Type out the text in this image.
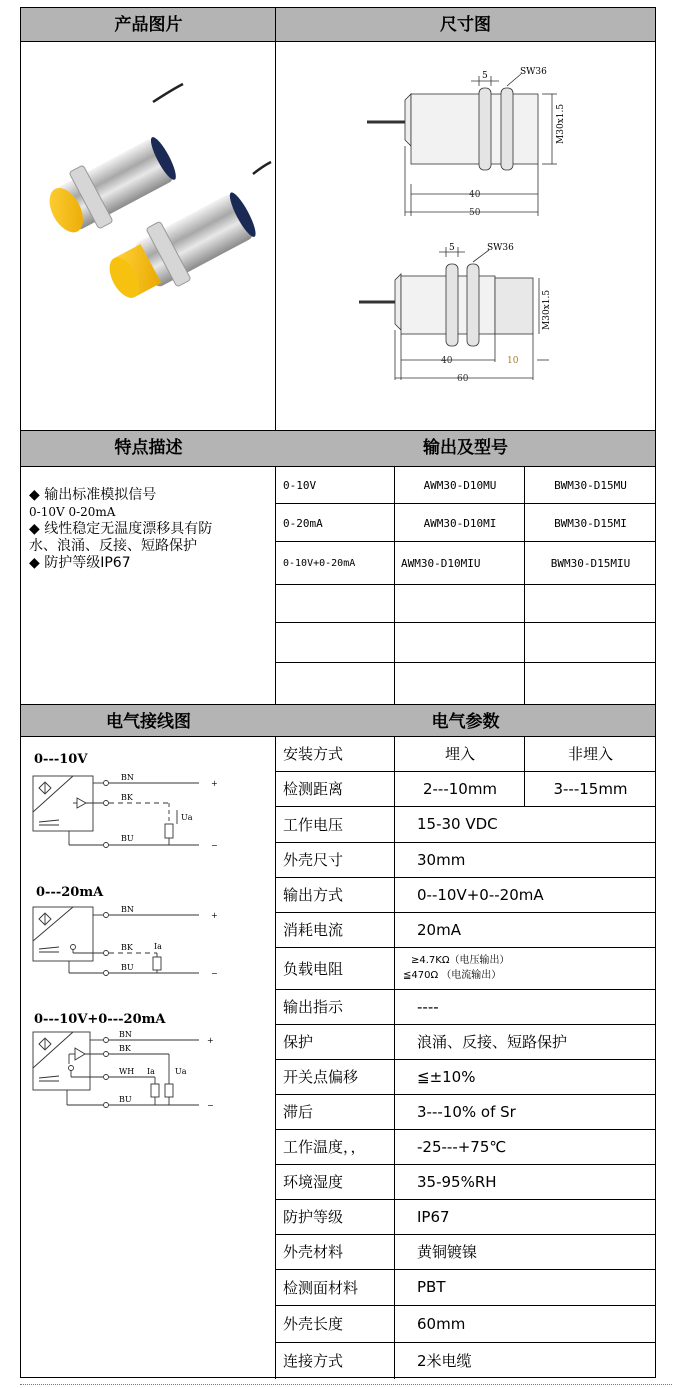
产品图片	尺寸图
5	SW36
M30x1.5
40
50
5	SW36
M30x1.5
40	10
60
特点描述	输出及型号
◆ 输出标准模拟信号
0-10V 0-20mA
◆ 线性稳定无温度漂移具有防
水、浪涌、反接、短路保护
◆ 防护等级IP67
0-10V	AWM30-D10MU	BWM30-D15MU
0-20mA	AWM30-D10MI	BWM30-D15MI
0-10V+0-20mA	AWM30-D10MIU	BWM30-D15MIU
电气接线图	电气参数
0---10V
BN
BK
BU
+
−
Ua
0---20mA
BN
BK
BU
+
−
Ia
0---10V+0---20mA
BN
BK
WH
BU
+
−
Ia	Ua
安装方式	埋入	非埋入
检测距离	2---10mm	3---15mm
工作电压	15-30 VDC
外壳尺寸	30mm
输出方式	0--10V+0--20mA
消耗电流	20mA
负载电阻	≥4.7KΩ（电压输出）
≦470Ω （电流输出）
输出指示	----
保护	浪涌、反接、短路保护
开关点偏移	≦±10%
滞后	3---10% of Sr
工作温度，，	-25---+75℃
环境湿度	35-95%RH
防护等级	IP67
外壳材料	黄铜镀镍
检测面材料	PBT
外壳长度	60mm
连接方式	2米电缆
